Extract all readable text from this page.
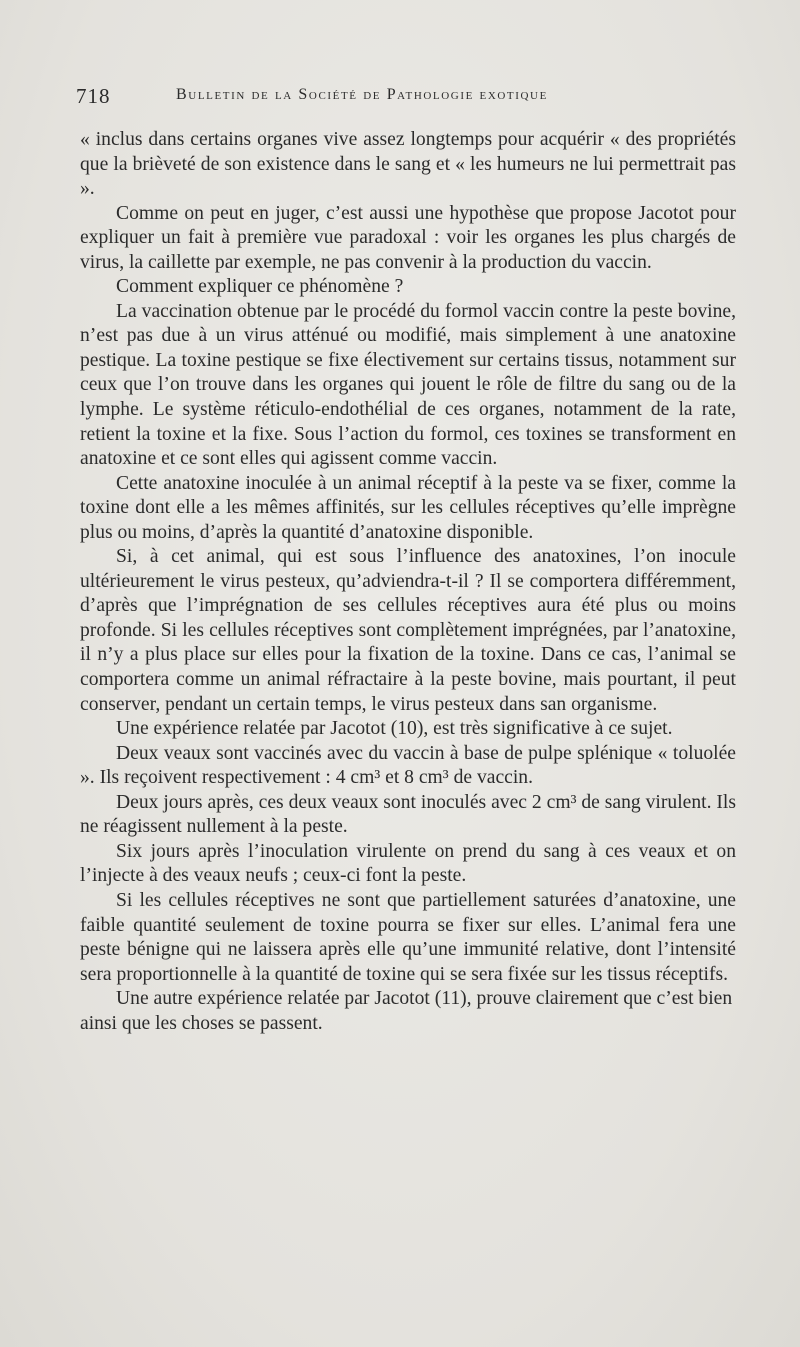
718	Bulletin de la Société de Pathologie exotique

« inclus dans certains organes vive assez longtemps pour acquérir « des propriétés que la brièveté de son existence dans le sang et « les humeurs ne lui permettrait pas ».

Comme on peut en juger, c’est aussi une hypothèse que propose Jacotot pour expliquer un fait à première vue paradoxal : voir les organes les plus chargés de virus, la caillette par exemple, ne pas convenir à la production du vaccin.

Comment expliquer ce phénomène ?

La vaccination obtenue par le procédé du formol vaccin contre la peste bovine, n’est pas due à un virus atténué ou modifié, mais simplement à une anatoxine pestique. La toxine pestique se fixe électivement sur certains tissus, notamment sur ceux que l’on trouve dans les organes qui jouent le rôle de filtre du sang ou de la lymphe. Le système réticulo-endothélial de ces organes, notamment de la rate, retient la toxine et la fixe. Sous l’action du formol, ces toxines se transforment en anatoxine et ce sont elles qui agissent comme vaccin.

Cette anatoxine inoculée à un animal réceptif à la peste va se fixer, comme la toxine dont elle a les mêmes affinités, sur les cellules réceptives qu’elle imprègne plus ou moins, d’après la quantité d’anatoxine disponible.

Si, à cet animal, qui est sous l’influence des anatoxines, l’on inocule ultérieurement le virus pesteux, qu’adviendra-t-il ? Il se comportera différemment, d’après que l’imprégnation de ses cellules réceptives aura été plus ou moins profonde. Si les cellules réceptives sont complètement imprégnées, par l’anatoxine, il n’y a plus place sur elles pour la fixation de la toxine. Dans ce cas, l’animal se comportera comme un animal réfractaire à la peste bovine, mais pourtant, il peut conserver, pendant un certain temps, le virus pesteux dans san organisme.

Une expérience relatée par Jacotot (10), est très significative à ce sujet.

Deux veaux sont vaccinés avec du vaccin à base de pulpe splénique « toluolée ». Ils reçoivent respectivement : 4 cm³ et 8 cm³ de vaccin.

Deux jours après, ces deux veaux sont inoculés avec 2 cm³ de sang virulent. Ils ne réagissent nullement à la peste.

Six jours après l’inoculation virulente on prend du sang à ces veaux et on l’injecte à des veaux neufs ; ceux-ci font la peste.

Si les cellules réceptives ne sont que partiellement saturées d’anatoxine, une faible quantité seulement de toxine pourra se fixer sur elles. L’animal fera une peste bénigne qui ne laissera après elle qu’une immunité relative, dont l’intensité sera proportionnelle à la quantité de toxine qui se sera fixée sur les tissus réceptifs.

Une autre expérience relatée par Jacotot (11), prouve clairement que c’est bien ainsi que les choses se passent.
